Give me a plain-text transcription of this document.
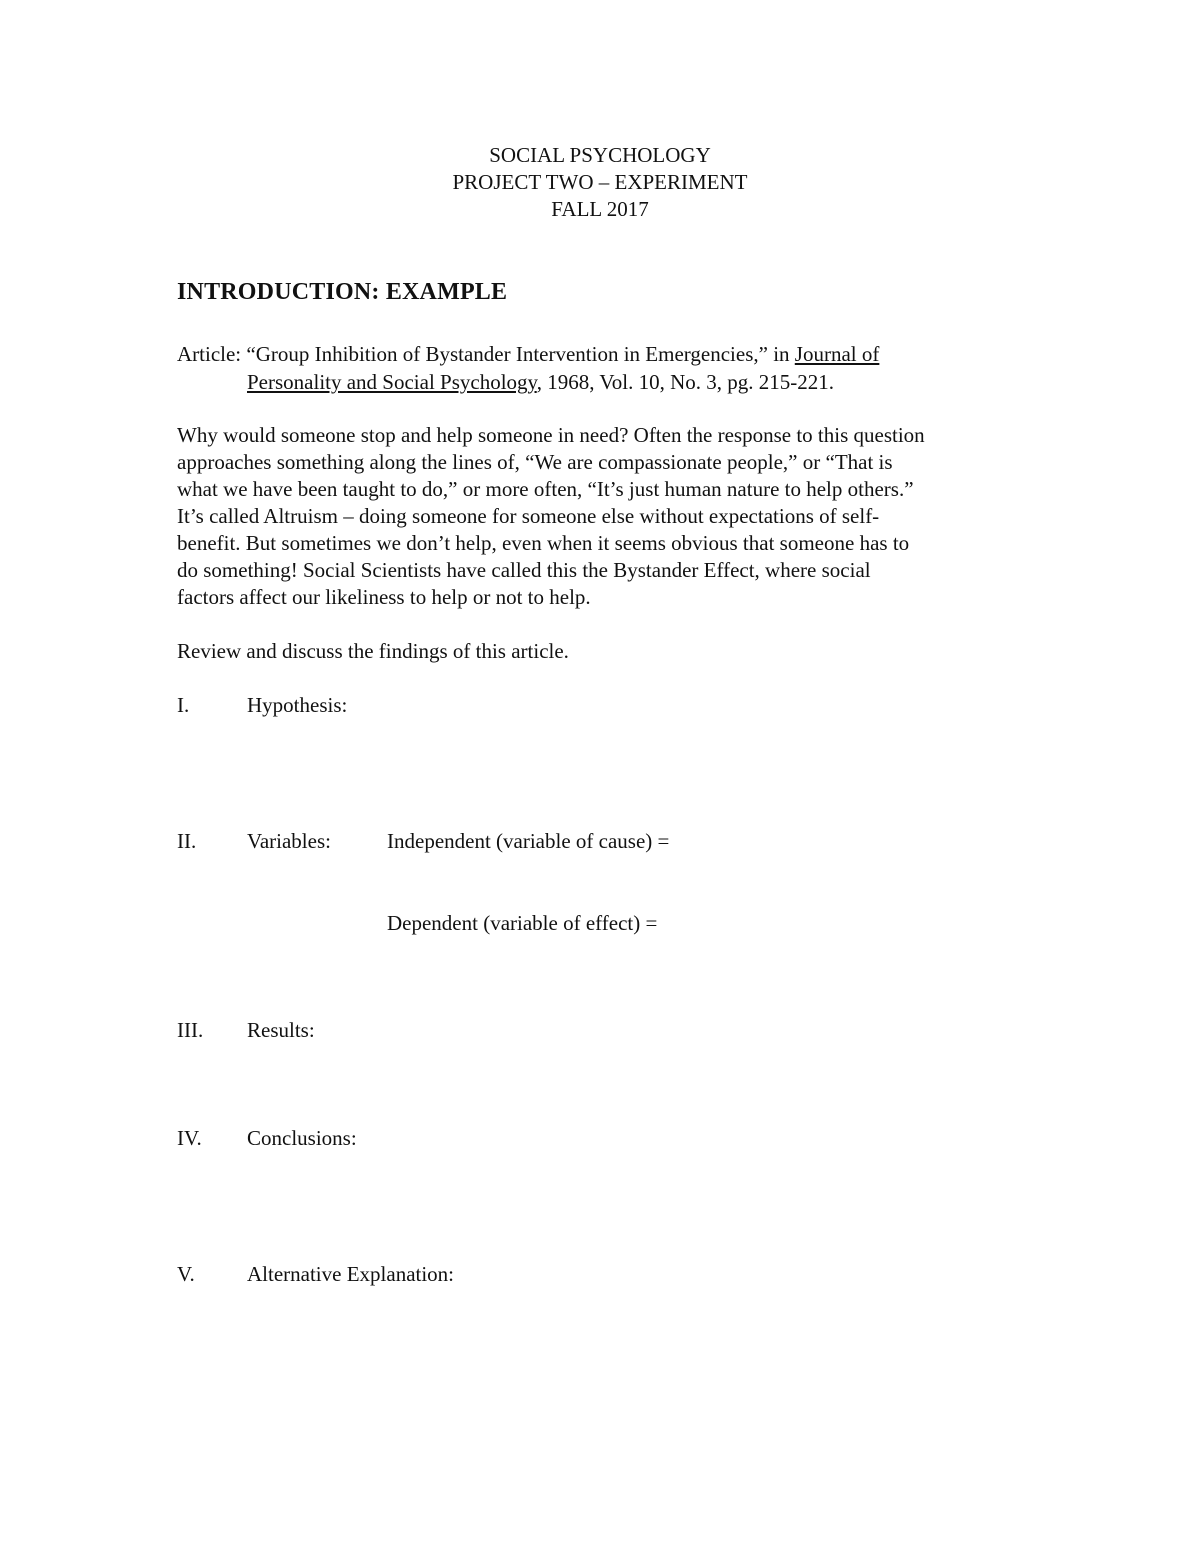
SOCIAL PSYCHOLOGY
PROJECT TWO – EXPERIMENT
FALL 2017
INTRODUCTION: EXAMPLE
Article: “Group Inhibition of Bystander Intervention in Emergencies,” in Journal of
Personality and Social Psychology, 1968, Vol. 10, No. 3, pg. 215-221.
Why would someone stop and help someone in need? Often the response to this question
approaches something along the lines of, “We are compassionate people,” or “That is
what we have been taught to do,” or more often, “It’s just human nature to help others.”
It’s called Altruism – doing someone for someone else without expectations of self-
benefit. But sometimes we don’t help, even when it seems obvious that someone has to
do something! Social Scientists have called this the Bystander Effect, where social
factors affect our likeliness to help or not to help.
Review and discuss the findings of this article.
I.	Hypothesis:
II. Variables:	Independent (variable of cause) =
Dependent (variable of effect) =
III. Results:
IV. Conclusions:
V. Alternative Explanation:
